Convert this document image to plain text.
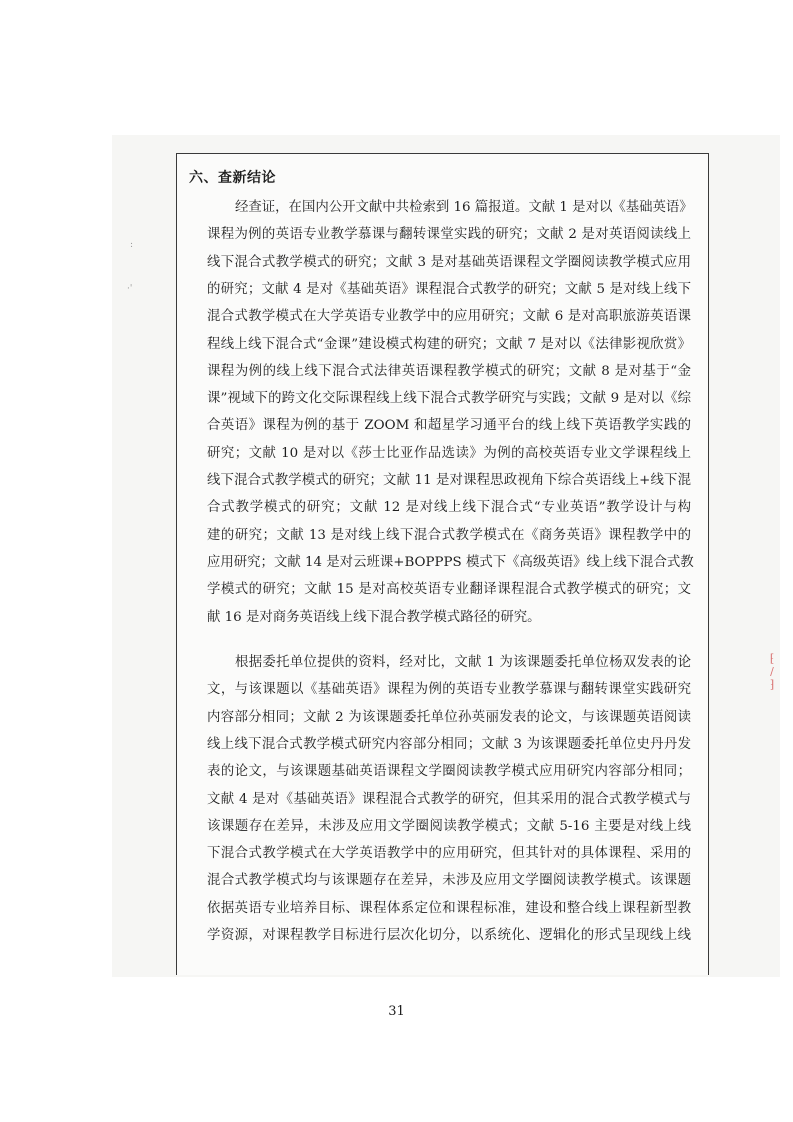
:
·'
⁅
∕
⁆
六、查新结论
经查证，在国内公开文献中共检索到 16 篇报道。文献 1 是对以《基础英语》
课程为例的英语专业教学慕课与翻转课堂实践的研究；文献 2 是对英语阅读线上
线下混合式教学模式的研究；文献 3 是对基础英语课程文学圈阅读教学模式应用
的研究；文献 4 是对《基础英语》课程混合式教学的研究；文献 5 是对线上线下
混合式教学模式在大学英语专业教学中的应用研究；文献 6 是对高职旅游英语课
程线上线下混合式“金课”建设模式构建的研究；文献 7 是对以《法律影视欣赏》
课程为例的线上线下混合式法律英语课程教学模式的研究；文献 8 是对基于“金
课”视域下的跨文化交际课程线上线下混合式教学研究与实践；文献 9 是对以《综
合英语》课程为例的基于 ZOOM 和超星学习通平台的线上线下英语教学实践的
研究；文献 10 是对以《莎士比亚作品选读》为例的高校英语专业文学课程线上
线下混合式教学模式的研究；文献 11 是对课程思政视角下综合英语线上+线下混
合式教学模式的研究；文献 12 是对线上线下混合式“专业英语”教学设计与构
建的研究；文献 13 是对线上线下混合式教学模式在《商务英语》课程教学中的
应用研究；文献 14 是对云班课+BOPPPS 模式下《高级英语》线上线下混合式教
学模式的研究；文献 15 是对高校英语专业翻译课程混合式教学模式的研究；文
献 16 是对商务英语线上线下混合教学模式路径的研究。
根据委托单位提供的资料，经对比，文献 1 为该课题委托单位杨双发表的论
文，与该课题以《基础英语》课程为例的英语专业教学慕课与翻转课堂实践研究
内容部分相同；文献 2 为该课题委托单位孙英丽发表的论文，与该课题英语阅读
线上线下混合式教学模式研究内容部分相同；文献 3 为该课题委托单位史丹丹发
表的论文，与该课题基础英语课程文学圈阅读教学模式应用研究内容部分相同；
文献 4 是对《基础英语》课程混合式教学的研究，但其采用的混合式教学模式与
该课题存在差异，未涉及应用文学圈阅读教学模式；文献 5-16 主要是对线上线
下混合式教学模式在大学英语教学中的应用研究，但其针对的具体课程、采用的
混合式教学模式均与该课题存在差异，未涉及应用文学圈阅读教学模式。该课题
依据英语专业培养目标、课程体系定位和课程标准，建设和整合线上课程新型教
学资源，对课程教学目标进行层次化切分，以系统化、逻辑化的形式呈现线上线
31
